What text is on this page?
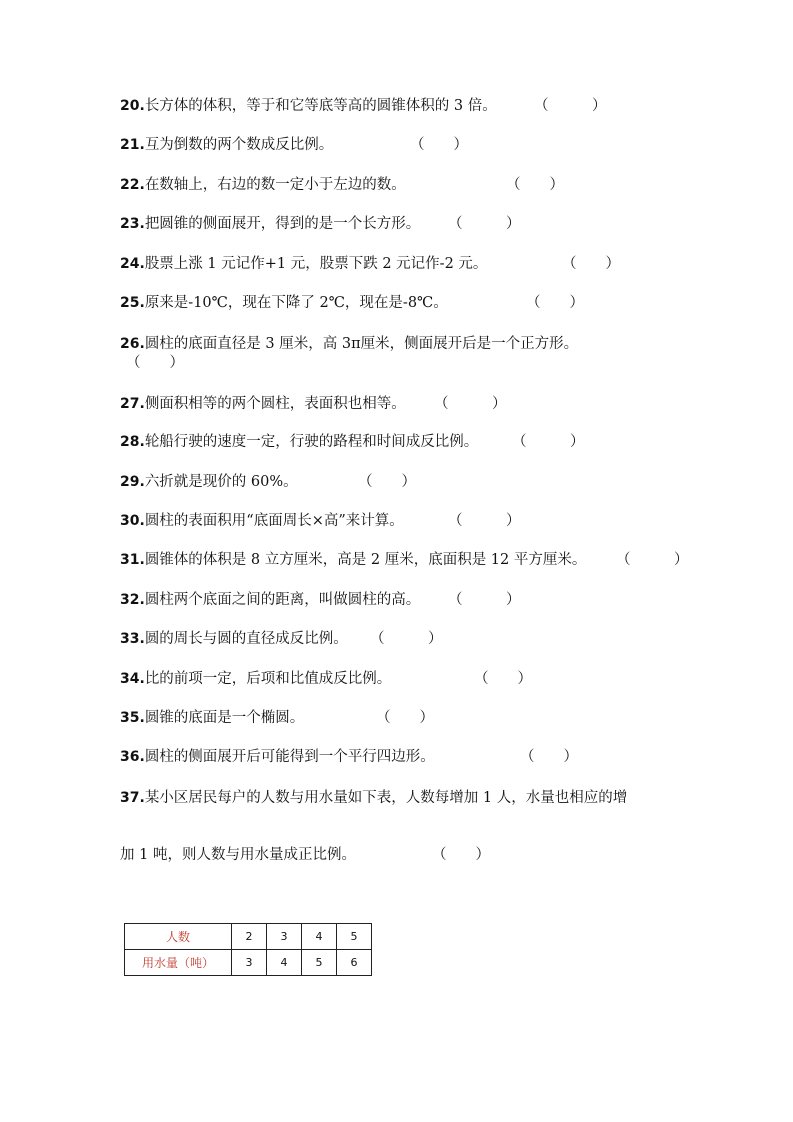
20.长方体的体积，等于和它等底等高的圆锥体积的 3 倍。	（　　　）
21.互为倒数的两个数成反比例。	（　　）
22.在数轴上，右边的数一定小于左边的数。	（　　）
23.把圆锥的侧面展开，得到的是一个长方形。 （　　　）
24.股票上涨 1 元记作+1 元，股票下跌 2 元记作-2 元。	（　　）
25.原来是-10℃，现在下降了 2℃，现在是-8℃。	（　　）
26.圆柱的底面直径是 3 厘米，高 3π厘米，侧面展开后是一个正方形。
（　　）
27.侧面积相等的两个圆柱，表面积也相等。 （　　　）
28.轮船行驶的速度一定，行驶的路程和时间成反比例。 （　　　）
29.六折就是现价的 60%。	（　　）
30.圆柱的表面积用“底面周长×高”来计算。	（　　　）
31.圆锥体的体积是 8 立方厘米，高是 2 厘米，底面积是 12 平方厘米。 （　　　）
32.圆柱两个底面之间的距离，叫做圆柱的高。 （　　　）
33.圆的周长与圆的直径成反比例。 （　　　）
34.比的前项一定，后项和比值成反比例。	（　　）
35.圆锥的底面是一个椭圆。	（　　）
36.圆柱的侧面展开后可能得到一个平行四边形。	（　　）
37.某小区居民每户的人数与用水量如下表，人数每增加 1 人，水量也相应的增
加 1 吨，则人数与用水量成正比例。	（　　）
人数	2	3	4	5
用水量（吨）	3	4	5	6
